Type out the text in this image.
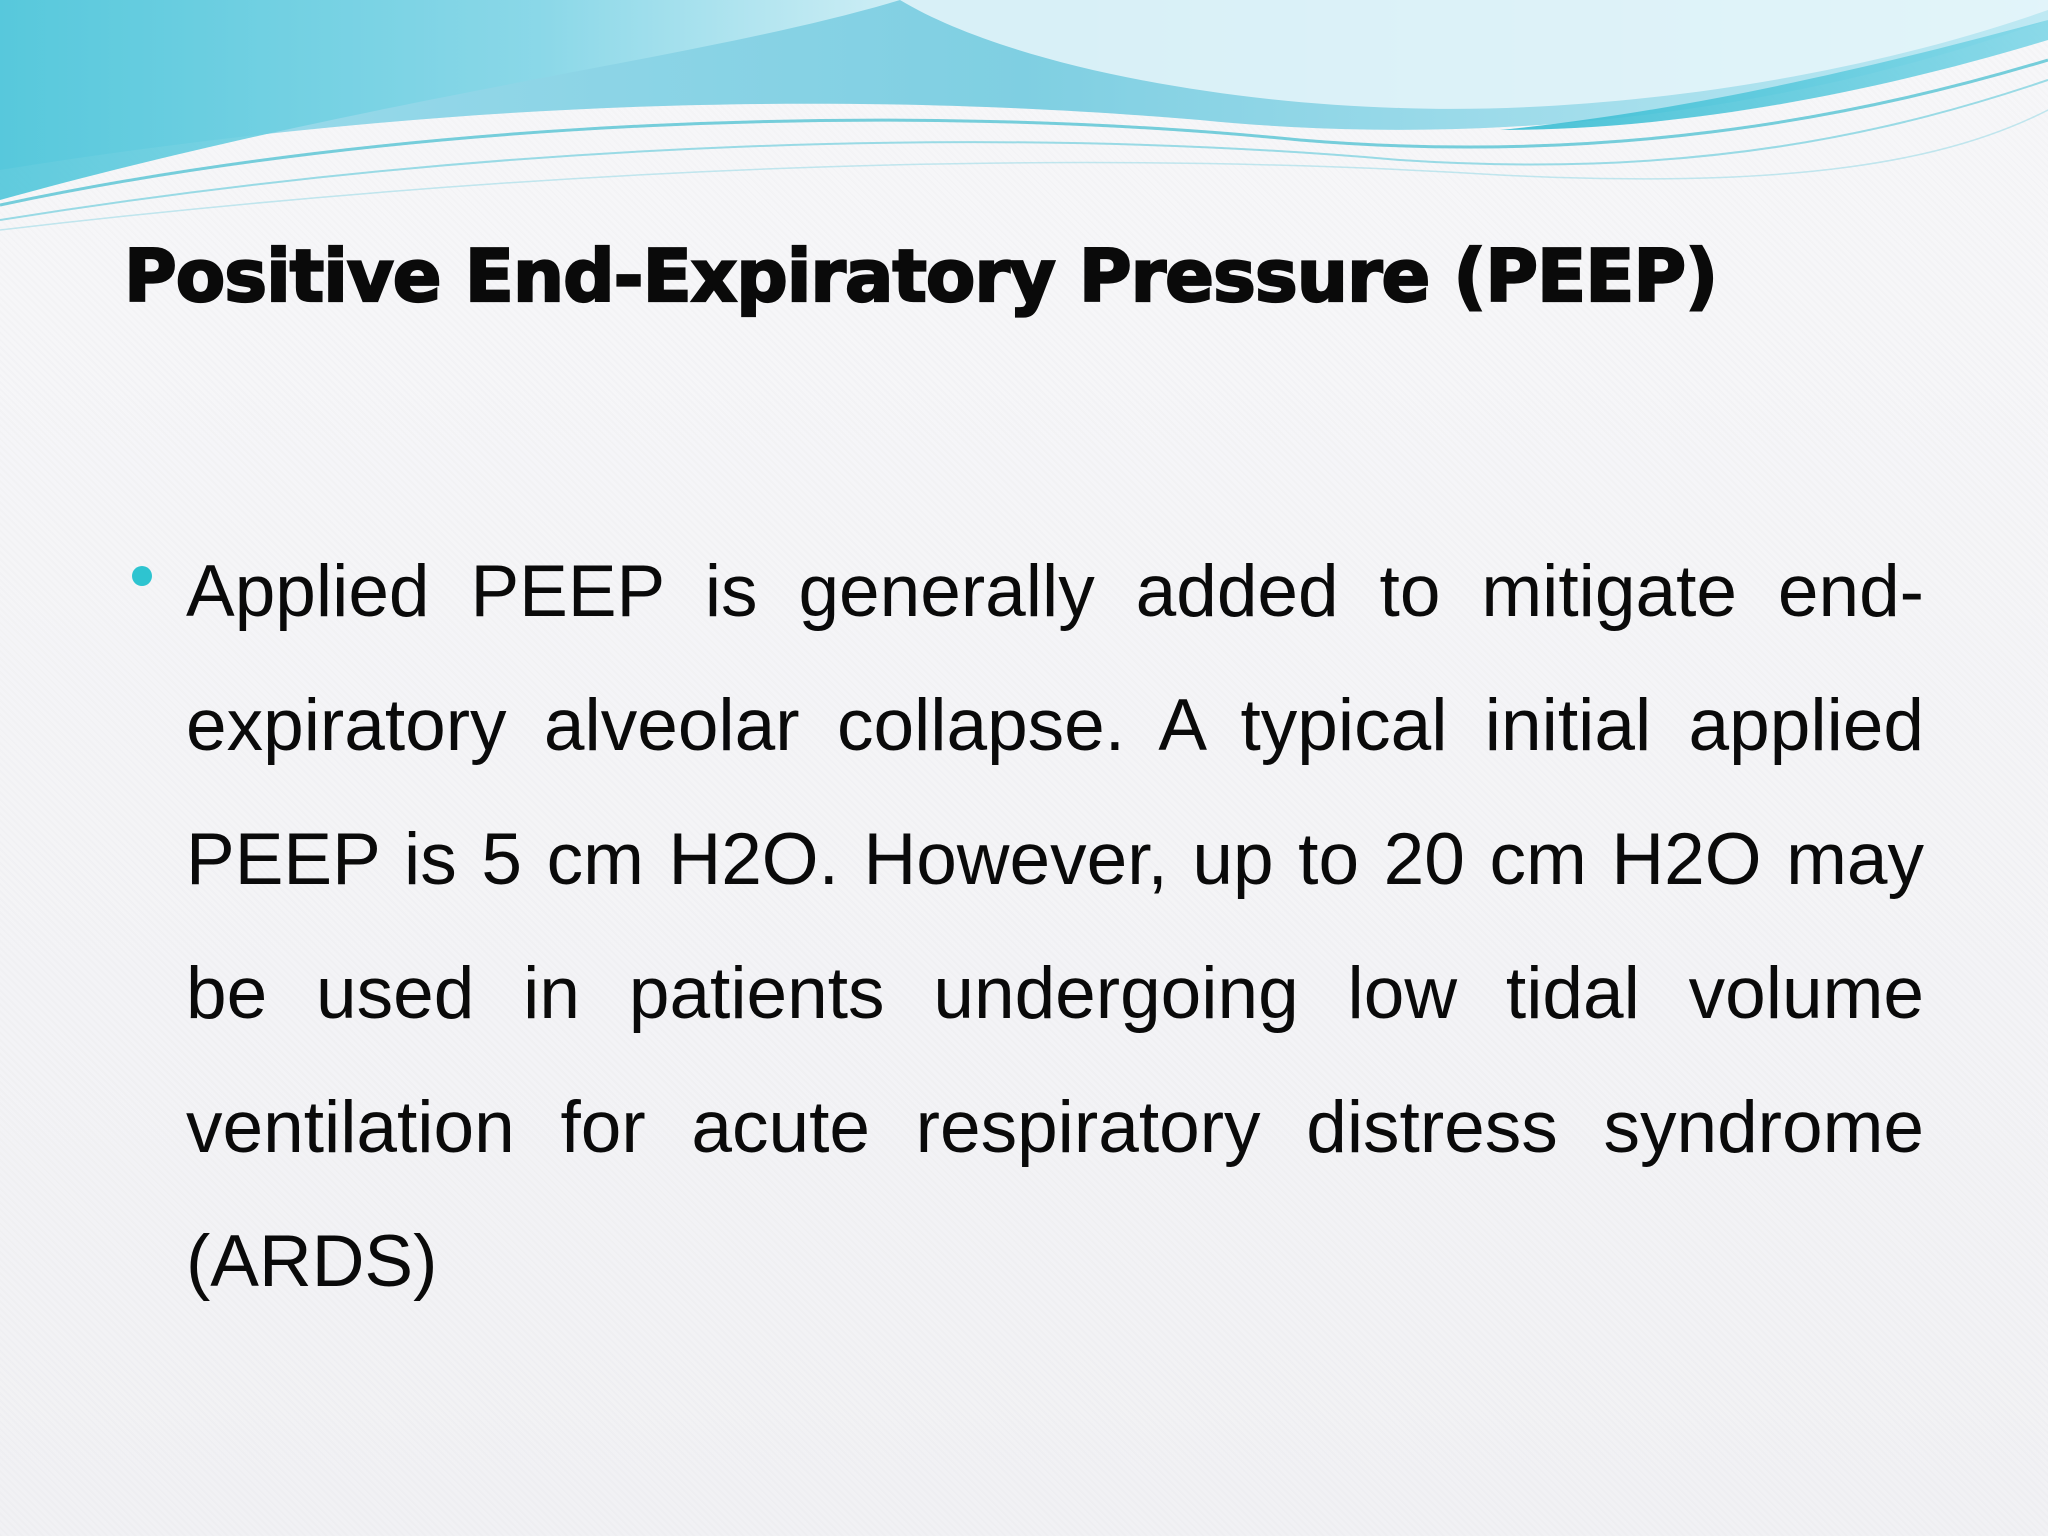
Positive End-Expiratory Pressure (PEEP)

Applied PEEP is generally added to mitigate end-expiratory alveolar collapse. A typical initial applied PEEP is 5 cm H2O. However, up to 20 cm H2O may be used in patients undergoing low tidal volume ventilation for acute respiratory distress syndrome (ARDS)
